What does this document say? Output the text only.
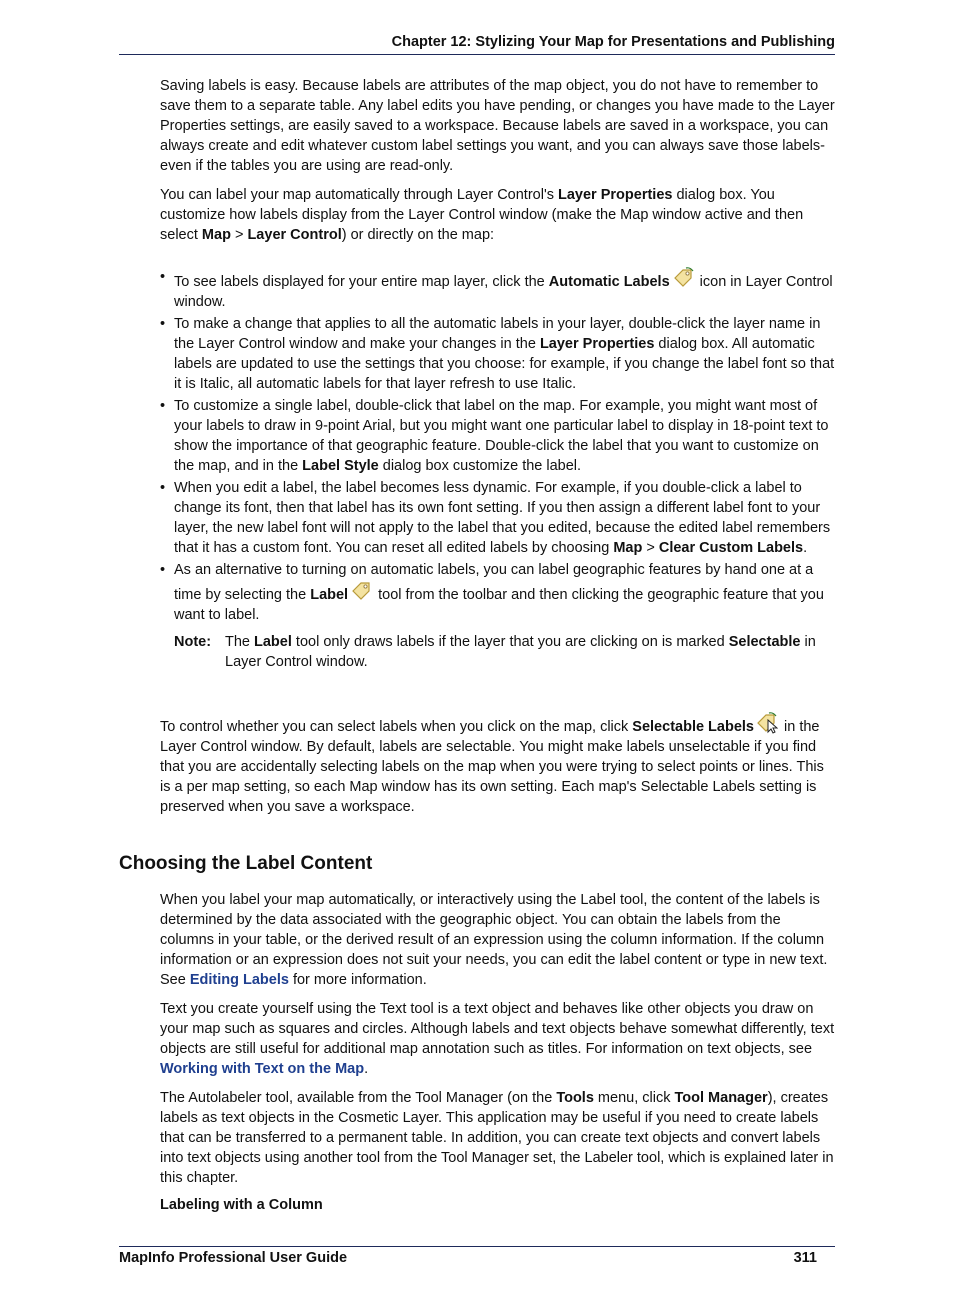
Chapter 12: Stylizing Your Map for Presentations and Publishing

Saving labels is easy. Because labels are attributes of the map object, you do not have to remember to save them to a separate table. Any label edits you have pending, or changes you have made to the Layer Properties settings, are easily saved to a workspace. Because labels are saved in a workspace, you can always create and edit whatever custom label settings you want, and you can always save those labels-even if the tables you are using are read-only.

You can label your map automatically through Layer Control's Layer Properties dialog box. You customize how labels display from the Layer Control window (make the Map window active and then select Map > Layer Control) or directly on the map:

• To see labels displayed for your entire map layer, click the Automatic Labels icon in Layer Control window.
• To make a change that applies to all the automatic labels in your layer, double-click the layer name in the Layer Control window and make your changes in the Layer Properties dialog box. All automatic labels are updated to use the settings that you choose: for example, if you change the label font so that it is Italic, all automatic labels for that layer refresh to use Italic.
• To customize a single label, double-click that label on the map. For example, you might want most of your labels to draw in 9-point Arial, but you might want one particular label to display in 18-point text to show the importance of that geographic feature. Double-click the label that you want to customize on the map, and in the Label Style dialog box customize the label.
• When you edit a label, the label becomes less dynamic. For example, if you double-click a label to change its font, then that label has its own font setting. If you then assign a different label font to your layer, the new label font will not apply to the label that you edited, because the edited label remembers that it has a custom font. You can reset all edited labels by choosing Map > Clear Custom Labels.
• As an alternative to turning on automatic labels, you can label geographic features by hand one at a time by selecting the Label tool from the toolbar and then clicking the geographic feature that you want to label.
Note: The Label tool only draws labels if the layer that you are clicking on is marked Selectable in Layer Control window.

To control whether you can select labels when you click on the map, click Selectable Labels in the Layer Control window. By default, labels are selectable. You might make labels unselectable if you find that you are accidentally selecting labels on the map when you were trying to select points or lines. This is a per map setting, so each Map window has its own setting. Each map's Selectable Labels setting is preserved when you save a workspace.

Choosing the Label Content

When you label your map automatically, or interactively using the Label tool, the content of the labels is determined by the data associated with the geographic object. You can obtain the labels from the columns in your table, or the derived result of an expression using the column information. If the column information or an expression does not suit your needs, you can edit the label content or type in new text. See Editing Labels for more information.

Text you create yourself using the Text tool is a text object and behaves like other objects you draw on your map such as squares and circles. Although labels and text objects behave somewhat differently, text objects are still useful for additional map annotation such as titles. For information on text objects, see Working with Text on the Map.

The Autolabeler tool, available from the Tool Manager (on the Tools menu, click Tool Manager), creates labels as text objects in the Cosmetic Layer. This application may be useful if you need to create labels that can be transferred to a permanent table. In addition, you can create text objects and convert labels into text objects using another tool from the Tool Manager set, the Labeler tool, which is explained later in this chapter.

Labeling with a Column
MapInfo Professional User Guide	311
